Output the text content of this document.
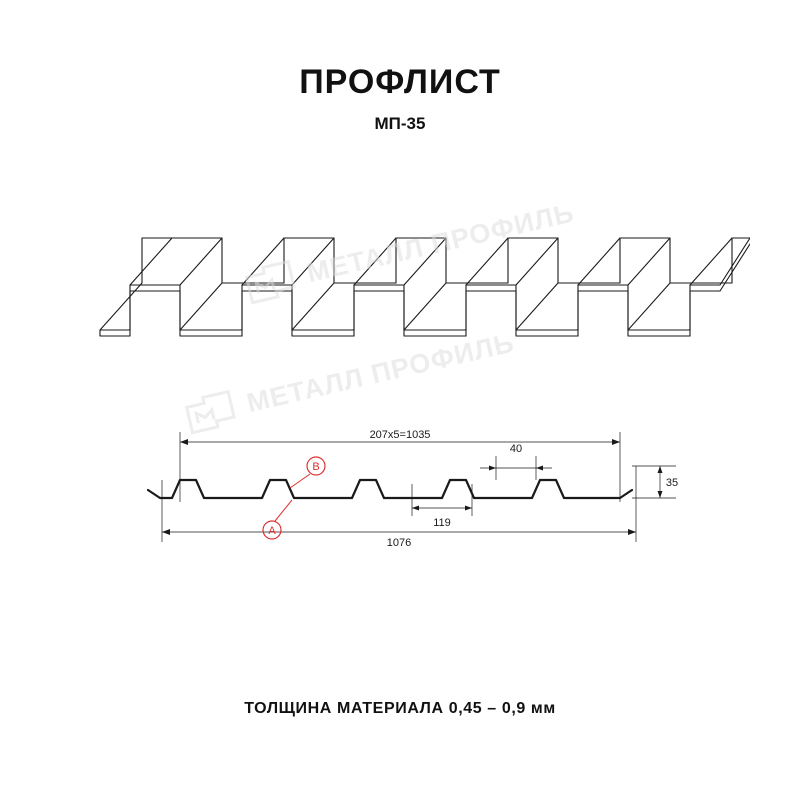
ПРОФЛИСТ
МП-35
МЕТАЛЛ ПРОФИЛЬ
B
A
207x5=1035
1076
119
40
35
МЕТАЛЛ ПРОФИЛЬ
ТОЛЩИНА МАТЕРИАЛА 0,45 – 0,9 мм
